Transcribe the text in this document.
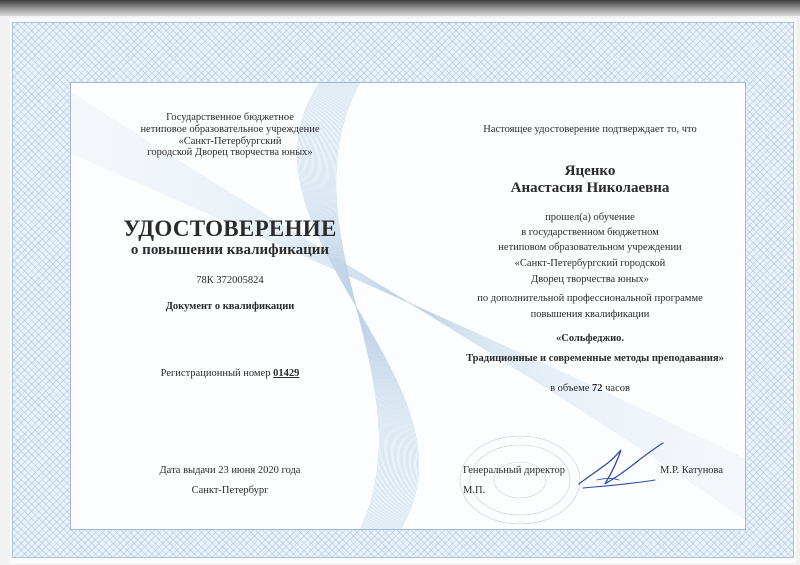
Государственное бюджетное
нетиповое образовательное учреждение
«Санкт-Петербургский
городской Дворец творчества юных»
УДОСТОВЕРЕНИЕ
о повышении квалификации
78К 372005824
Документ о квалификации
Регистрационный номер 01429
Дата выдачи 23 июня 2020 года
Санкт-Петербург
Настоящее удостоверение подтверждает то, что
Яценко
Анастасия Николаевна
прошел(а) обучение
в государственном бюджетном
нетиповом образовательном учреждении
«Санкт-Петербургский городской
Дворец творчества юных»
по дополнительной профессиональной программе
повышения квалификации
«Сольфеджио.
Традиционные и современные методы преподавания»
в объеме 72 часов
Генеральный директор
М.П.
М.Р. Катунова
